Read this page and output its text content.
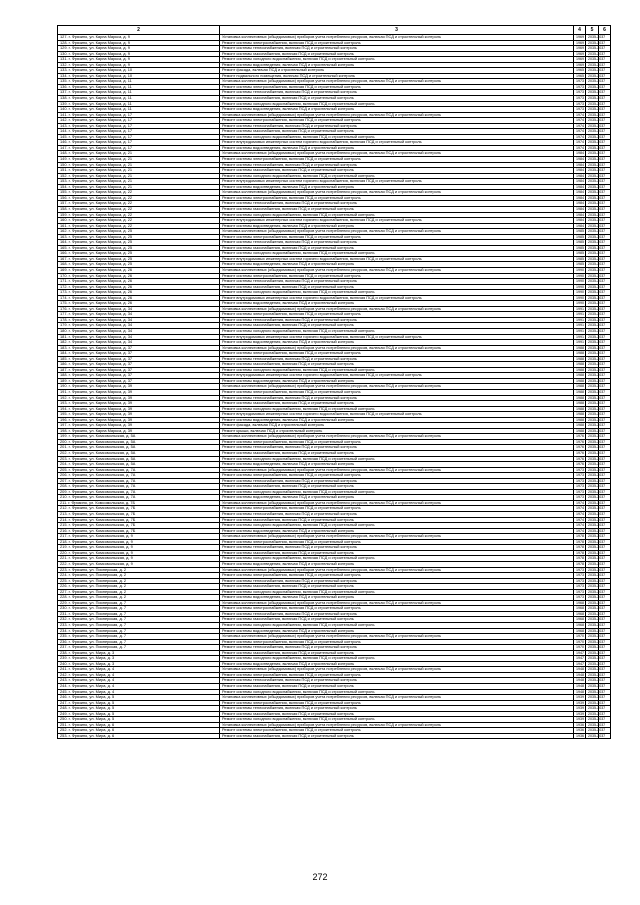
2	3	4	5	6
127. г. Фрязино, ул. Карла Маркса, д. 9	Установка коллективных (общедомовых) приборов учета потребления ресурсов, включая ПСД и строительный контроль	1969	2035-2037	
128. г. Фрязино, ул. Карла Маркса, д. 9	Ремонт системы электроснабжения, включая ПСД и строительный контроль	1969	2035-2037	
129. г. Фрязино, ул. Карла Маркса, д. 9	Ремонт системы теплоснабжения, включая ПСД и строительный контроль	1969	2035-2037	
130. г. Фрязино, ул. Карла Маркса, д. 9	Ремонт системы газоснабжения, включая ПСД и строительный контроль	1969	2035-2037	
131. г. Фрязино, ул. Карла Маркса, д. 9	Ремонт системы холодного водоснабжения, включая ПСД и строительный контроль	1969	2035-2037	
132. г. Фрязино, ул. Карла Маркса, д. 9	Ремонт системы водоотведения, включая ПСД и строительный контроль	1969	2035-2037	
133. г. Фрязино, ул. Карла Маркса, д. 10	Ремонт фасада, включая ПСД и строительный контроль	1965	2035-2037	
134. г. Фрязино, ул. Карла Маркса, д. 10	Ремонт подвального помещения, включая ПСД и строительный контроль	1965	2035-2037	
135. г. Фрязино, ул. Карла Маркса, д. 11	Установка коллективных (общедомовых) приборов учета потребления ресурсов, включая ПСД и строительный контроль	1973	2035-2037	
136. г. Фрязино, ул. Карла Маркса, д. 11	Ремонт системы электроснабжения, включая ПСД и строительный контроль	1973	2035-2037	
137. г. Фрязино, ул. Карла Маркса, д. 11	Ремонт системы теплоснабжения, включая ПСД и строительный контроль	1973	2035-2037	
138. г. Фрязино, ул. Карла Маркса, д. 11	Ремонт системы газоснабжения, включая ПСД и строительный контроль	1973	2035-2037	
139. г. Фрязино, ул. Карла Маркса, д. 11	Ремонт системы холодного водоснабжения, включая ПСД и строительный контроль	1973	2035-2037	
140. г. Фрязино, ул. Карла Маркса, д. 11	Ремонт системы водоотведения, включая ПСД и строительный контроль	1973	2035-2037	
141. г. Фрязино, ул. Карла Маркса, д. 17	Установка коллективных (общедомовых) приборов учета потребления ресурсов, включая ПСД и строительный контроль	1974	2035-2037	
142. г. Фрязино, ул. Карла Маркса, д. 17	Ремонт системы электроснабжения, включая ПСД и строительный контроль	1974	2035-2037	
143. г. Фрязино, ул. Карла Маркса, д. 17	Ремонт системы теплоснабжения, включая ПСД и строительный контроль	1974	2035-2037	
144. г. Фрязино, ул. Карла Маркса, д. 17	Ремонт системы газоснабжения, включая ПСД и строительный контроль	1974	2035-2037	
145. г. Фрязино, ул. Карла Маркса, д. 17	Ремонт системы холодного водоснабжения, включая ПСД и строительный контроль	1974	2035-2037	
146. г. Фрязино, ул. Карла Маркса, д. 17	Ремонт внутридомовых инженерных систем горячего водоснабжения, включая ПСД и строительный контроль	1974	2035-2037	
147. г. Фрязино, ул. Карла Маркса, д. 17	Ремонт системы водоотведения, включая ПСД и строительный контроль	1974	2035-2037	
148. г. Фрязино, ул. Карла Маркса, д. 21	Установка коллективных (общедомовых) приборов учета потребления ресурсов, включая ПСД и строительный контроль	1984	2035-2037	
149. г. Фрязино, ул. Карла Маркса, д. 21	Ремонт системы электроснабжения, включая ПСД и строительный контроль	1984	2035-2037	
150. г. Фрязино, ул. Карла Маркса, д. 21	Ремонт системы теплоснабжения, включая ПСД и строительный контроль	1984	2035-2037	
151. г. Фрязино, ул. Карла Маркса, д. 21	Ремонт системы газоснабжения, включая ПСД и строительный контроль	1984	2035-2037	
152. г. Фрязино, ул. Карла Маркса, д. 21	Ремонт системы холодного водоснабжения, включая ПСД и строительный контроль	1984	2035-2037	
153. г. Фрязино, ул. Карла Маркса, д. 21	Ремонт внутридомовых инженерных систем горячего водоснабжения, включая ПСД и строительный контроль	1984	2035-2037	
154. г. Фрязино, ул. Карла Маркса, д. 21	Ремонт системы водоотведения, включая ПСД и строительный контроль	1984	2035-2037	
155. г. Фрязино, ул. Карла Маркса, д. 22	Установка коллективных (общедомовых) приборов учета потребления ресурсов, включая ПСД и строительный контроль	1984	2035-2037	
156. г. Фрязино, ул. Карла Маркса, д. 22	Ремонт системы электроснабжения, включая ПСД и строительный контроль	1984	2035-2037	
157. г. Фрязино, ул. Карла Маркса, д. 22	Ремонт системы теплоснабжения, включая ПСД и строительный контроль	1984	2035-2037	
158. г. Фрязино, ул. Карла Маркса, д. 22	Ремонт системы газоснабжения, включая ПСД и строительный контроль	1984	2035-2037	
159. г. Фрязино, ул. Карла Маркса, д. 22	Ремонт системы холодного водоснабжения, включая ПСД и строительный контроль	1984	2035-2037	
160. г. Фрязино, ул. Карла Маркса, д. 22	Ремонт внутридомовых инженерных систем горячего водоснабжения, включая ПСД и строительный контроль	1984	2035-2037	
161. г. Фрязино, ул. Карла Маркса, д. 22	Ремонт системы водоотведения, включая ПСД и строительный контроль	1984	2035-2037	
162. г. Фрязино, ул. Карла Маркса, д. 25	Установка коллективных (общедомовых) приборов учета потребления ресурсов, включая ПСД и строительный контроль	1985	2035-2037	
163. г. Фрязино, ул. Карла Маркса, д. 25	Ремонт системы электроснабжения, включая ПСД и строительный контроль	1985	2035-2037	
164. г. Фрязино, ул. Карла Маркса, д. 25	Ремонт системы теплоснабжения, включая ПСД и строительный контроль	1985	2035-2037	
165. г. Фрязино, ул. Карла Маркса, д. 25	Ремонт системы газоснабжения, включая ПСД и строительный контроль	1985	2035-2037	
166. г. Фрязино, ул. Карла Маркса, д. 25	Ремонт системы холодного водоснабжения, включая ПСД и строительный контроль	1985	2035-2037	
167. г. Фрязино, ул. Карла Маркса, д. 25	Ремонт внутридомовых инженерных систем горячего водоснабжения, включая ПСД и строительный контроль	1985	2035-2037	
168. г. Фрязино, ул. Карла Маркса, д. 25	Ремонт системы водоотведения, включая ПСД и строительный контроль	1985	2035-2037	
169. г. Фрязино, ул. Карла Маркса, д. 26	Установка коллективных (общедомовых) приборов учета потребления ресурсов, включая ПСД и строительный контроль	1990	2035-2037	
170. г. Фрязино, ул. Карла Маркса, д. 26	Ремонт системы электроснабжения, включая ПСД и строительный контроль	1990	2035-2037	
171. г. Фрязино, ул. Карла Маркса, д. 26	Ремонт системы теплоснабжения, включая ПСД и строительный контроль	1990	2035-2037	
172. г. Фрязино, ул. Карла Маркса, д. 26	Ремонт системы газоснабжения, включая ПСД и строительный контроль	1990	2035-2037	
173. г. Фрязино, ул. Карла Маркса, д. 26	Ремонт системы холодного водоснабжения, включая ПСД и строительный контроль	1990	2035-2037	
174. г. Фрязино, ул. Карла Маркса, д. 26	Ремонт внутридомовых инженерных систем горячего водоснабжения, включая ПСД и строительный контроль	1990	2035-2037	
175. г. Фрязино, ул. Карла Маркса, д. 26	Ремонт системы водоотведения, включая ПСД и строительный контроль	1990	2035-2037	
176. г. Фрязино, ул. Карла Маркса, д. 34	Установка коллективных (общедомовых) приборов учета потребления ресурсов, включая ПСД и строительный контроль	1991	2035-2037	
177. г. Фрязино, ул. Карла Маркса, д. 34	Ремонт системы электроснабжения, включая ПСД и строительный контроль	1991	2035-2037	
178. г. Фрязино, ул. Карла Маркса, д. 34	Ремонт системы теплоснабжения, включая ПСД и строительный контроль	1991	2035-2037	
179. г. Фрязино, ул. Карла Маркса, д. 34	Ремонт системы газоснабжения, включая ПСД и строительный контроль	1991	2035-2037	
180. г. Фрязино, ул. Карла Маркса, д. 34	Ремонт системы холодного водоснабжения, включая ПСД и строительный контроль	1991	2035-2037	
181. г. Фрязино, ул. Карла Маркса, д. 34	Ремонт внутридомовых инженерных систем горячего водоснабжения, включая ПСД и строительный контроль	1991	2035-2037	
182. г. Фрязино, ул. Карла Маркса, д. 34	Ремонт системы водоотведения, включая ПСД и строительный контроль	1991	2035-2037	
183. г. Фрязино, ул. Карла Маркса, д. 37	Установка коллективных (общедомовых) приборов учета потребления ресурсов, включая ПСД и строительный контроль	1988	2035-2037	
184. г. Фрязино, ул. Карла Маркса, д. 37	Ремонт системы электроснабжения, включая ПСД и строительный контроль	1988	2035-2037	
185. г. Фрязино, ул. Карла Маркса, д. 37	Ремонт системы теплоснабжения, включая ПСД и строительный контроль	1988	2035-2037	
186. г. Фрязино, ул. Карла Маркса, д. 37	Ремонт системы газоснабжения, включая ПСД и строительный контроль	1988	2035-2037	
187. г. Фрязино, ул. Карла Маркса, д. 37	Ремонт системы холодного водоснабжения, включая ПСД и строительный контроль	1988	2035-2037	
188. г. Фрязино, ул. Карла Маркса, д. 37	Ремонт внутридомовых инженерных систем горячего водоснабжения, включая ПСД и строительный контроль	1988	2035-2037	
189. г. Фрязино, ул. Карла Маркса, д. 37	Ремонт системы водоотведения, включая ПСД и строительный контроль	1988	2035-2037	
190. г. Фрязино, ул. Карла Маркса, д. 39	Установка коллективных (общедомовых) приборов учета потребления ресурсов, включая ПСД и строительный контроль	1988	2035-2037	
191. г. Фрязино, ул. Карла Маркса, д. 39	Ремонт системы электроснабжения, включая ПСД и строительный контроль	1988	2035-2037	
192. г. Фрязино, ул. Карла Маркса, д. 39	Ремонт системы теплоснабжения, включая ПСД и строительный контроль	1988	2035-2037	
193. г. Фрязино, ул. Карла Маркса, д. 39	Ремонт системы газоснабжения, включая ПСД и строительный контроль	1988	2035-2037	
194. г. Фрязино, ул. Карла Маркса, д. 39	Ремонт системы холодного водоснабжения, включая ПСД и строительный контроль	1988	2035-2037	
195. г. Фрязино, ул. Карла Маркса, д. 39	Ремонт внутридомовых инженерных систем горячего водоснабжения, включая ПСД и строительный контроль	1988	2035-2037	
196. г. Фрязино, ул. Карла Маркса, д. 39	Ремонт системы водоотведения, включая ПСД и строительный контроль	1988	2035-2037	
197. г. Фрязино, ул. Карла Маркса, д. 39	Ремонт фасада, включая ПСД и строительный контроль	1988	2035-2037	
198. г. Фрязино, ул. Карла Маркса, д. 39	Ремонт крыши, включая ПСД и строительный контроль	1988	2035-2037	
199. г. Фрязино, ул. Комсомольская, д. 5А	Установка коллективных (общедомовых) приборов учета потребления ресурсов, включая ПСД и строительный контроль	1976	2035-2037	
200. г. Фрязино, ул. Комсомольская, д. 5А	Ремонт системы электроснабжения, включая ПСД и строительный контроль	1976	2035-2037	
201. г. Фрязино, ул. Комсомольская, д. 5А	Ремонт системы теплоснабжения, включая ПСД и строительный контроль	1976	2035-2037	
202. г. Фрязино, ул. Комсомольская, д. 5А	Ремонт системы газоснабжения, включая ПСД и строительный контроль	1976	2035-2037	
203. г. Фрязино, ул. Комсомольская, д. 5А	Ремонт системы холодного водоснабжения, включая ПСД и строительный контроль	1976	2035-2037	
204. г. Фрязино, ул. Комсомольская, д. 5А	Ремонт системы водоотведения, включая ПСД и строительный контроль	1976	2035-2037	
205. г. Фрязино, ул. Комсомольская, д. 7А	Установка коллективных (общедомовых) приборов учета потребления ресурсов, включая ПСД и строительный контроль	1973	2035-2037	
206. г. Фрязино, ул. Комсомольская, д. 7А	Ремонт системы электроснабжения, включая ПСД и строительный контроль	1973	2035-2037	
207. г. Фрязино, ул. Комсомольская, д. 7А	Ремонт системы теплоснабжения, включая ПСД и строительный контроль	1973	2035-2037	
208. г. Фрязино, ул. Комсомольская, д. 7А	Ремонт системы газоснабжения, включая ПСД и строительный контроль	1973	2035-2037	
209. г. Фрязино, ул. Комсомольская, д. 7А	Ремонт системы холодного водоснабжения, включая ПСД и строительный контроль	1973	2035-2037	
210. г. Фрязино, ул. Комсомольская, д. 7А	Ремонт системы водоотведения, включая ПСД и строительный контроль	1973	2035-2037	
211. г. Фрязино, ул. Комсомольская, д. 7Б	Установка коллективных (общедомовых) приборов учета потребления ресурсов, включая ПСД и строительный контроль	1974	2035-2037	
212. г. Фрязино, ул. Комсомольская, д. 7Б	Ремонт системы электроснабжения, включая ПСД и строительный контроль	1974	2035-2037	
213. г. Фрязино, ул. Комсомольская, д. 7Б	Ремонт системы теплоснабжения, включая ПСД и строительный контроль	1974	2035-2037	
214. г. Фрязино, ул. Комсомольская, д. 7Б	Ремонт системы газоснабжения, включая ПСД и строительный контроль	1974	2035-2037	
215. г. Фрязино, ул. Комсомольская, д. 7Б	Ремонт системы холодного водоснабжения, включая ПСД и строительный контроль	1974	2035-2037	
216. г. Фрязино, ул. Комсомольская, д. 7Б	Ремонт системы водоотведения, включая ПСД и строительный контроль	1974	2035-2037	
217. г. Фрязино, ул. Комсомольская, д. 9	Установка коллективных (общедомовых) приборов учета потребления ресурсов, включая ПСД и строительный контроль	1978	2035-2037	
218. г. Фрязино, ул. Комсомольская, д. 9	Ремонт системы электроснабжения, включая ПСД и строительный контроль	1978	2035-2037	
219. г. Фрязино, ул. Комсомольская, д. 9	Ремонт системы теплоснабжения, включая ПСД и строительный контроль	1978	2035-2037	
220. г. Фрязино, ул. Комсомольская, д. 9	Ремонт системы газоснабжения, включая ПСД и строительный контроль	1978	2035-2037	
221. г. Фрязино, ул. Комсомольская, д. 9	Ремонт системы холодного водоснабжения, включая ПСД и строительный контроль	1978	2035-2037	
222. г. Фрязино, ул. Комсомольская, д. 9	Ремонт системы водоотведения, включая ПСД и строительный контроль	1978	2035-2037	
223. г. Фрязино, ул. Пионерская, д. 2	Установка коллективных (общедомовых) приборов учета потребления ресурсов, включая ПСД и строительный контроль	1973	2035-2037	
224. г. Фрязино, ул. Пионерская, д. 2	Ремонт системы электроснабжения, включая ПСД и строительный контроль	1973	2035-2037	
225. г. Фрязино, ул. Пионерская, д. 2	Ремонт системы теплоснабжения, включая ПСД и строительный контроль	1973	2035-2037	
226. г. Фрязино, ул. Пионерская, д. 2	Ремонт системы газоснабжения, включая ПСД и строительный контроль	1973	2035-2037	
227. г. Фрязино, ул. Пионерская, д. 2	Ремонт системы холодного водоснабжения, включая ПСД и строительный контроль	1973	2035-2037	
228. г. Фрязино, ул. Пионерская, д. 2	Ремонт системы водоотведения, включая ПСД и строительный контроль	1973	2035-2037	
229. г. Фрязино, ул. Пионерская, д. 7	Установка коллективных (общедомовых) приборов учета потребления ресурсов, включая ПСД и строительный контроль	1968	2035-2037	
230. г. Фрязино, ул. Пионерская, д. 7	Ремонт системы электроснабжения, включая ПСД и строительный контроль	1968	2035-2037	
231. г. Фрязино, ул. Пионерская, д. 7	Ремонт системы теплоснабжения, включая ПСД и строительный контроль	1968	2035-2037	
232. г. Фрязино, ул. Пионерская, д. 7	Ремонт системы газоснабжения, включая ПСД и строительный контроль	1968	2035-2037	
233. г. Фрязино, ул. Пионерская, д. 7	Ремонт системы холодного водоснабжения, включая ПСД и строительный контроль	1968	2035-2037	
234. г. Фрязино, ул. Пионерская, д. 7	Ремонт системы водоотведения, включая ПСД и строительный контроль	1968	2035-2037	
235. г. Фрязино, ул. Пионерская, д. 7	Установка коллективных (общедомовых) приборов учета потребления ресурсов, включая ПСД и строительный контроль	1970	2035-2037	
236. г. Фрязино, ул. Пионерская, д. 7	Ремонт системы электроснабжения, включая ПСД и строительный контроль	1970	2035-2037	
237. г. Фрязино, ул. Пионерская, д. 7	Ремонт системы теплоснабжения, включая ПСД и строительный контроль	1970	2035-2037	
238. г. Фрязино, ул. Мира, д. 3	Ремонт системы газоснабжения, включая ПСД и строительный контроль	1947	2035-2037	
239. г. Фрязино, ул. Мира, д. 3	Ремонт системы холодного водоснабжения, включая ПСД и строительный контроль	1947	2035-2037	
240. г. Фрязино, ул. Мира, д. 3	Ремонт системы водоотведения, включая ПСД и строительный контроль	1947	2035-2037	
241. г. Фрязино, ул. Мира, д. 4	Установка коллективных (общедомовых) приборов учета потребления ресурсов, включая ПСД и строительный контроль	1948	2035-2037	
242. г. Фрязино, ул. Мира, д. 4	Ремонт системы электроснабжения, включая ПСД и строительный контроль	1948	2035-2037	
243. г. Фрязино, ул. Мира, д. 4	Ремонт системы теплоснабжения, включая ПСД и строительный контроль	1948	2035-2037	
244. г. Фрязино, ул. Мира, д. 4	Ремонт системы газоснабжения, включая ПСД и строительный контроль	1948	2035-2037	
245. г. Фрязино, ул. Мира, д. 4	Ремонт системы холодного водоснабжения, включая ПСД и строительный контроль	1948	2035-2037	
246. г. Фрязино, ул. Мира, д. 5	Установка коллективных (общедомовых) приборов учета потребления ресурсов, включая ПСД и строительный контроль	1939	2035-2037	
247. г. Фрязино, ул. Мира, д. 5	Ремонт системы электроснабжения, включая ПСД и строительный контроль	1939	2035-2037	
248. г. Фрязино, ул. Мира, д. 5	Ремонт системы теплоснабжения, включая ПСД и строительный контроль	1939	2035-2037	
249. г. Фрязино, ул. Мира, д. 5	Ремонт системы газоснабжения, включая ПСД и строительный контроль	1939	2035-2037	
250. г. Фрязино, ул. Мира, д. 5	Ремонт системы холодного водоснабжения, включая ПСД и строительный контроль	1939	2035-2037	
251. г. Фрязино, ул. Мира, д. 6	Установка коллективных (общедомовых) приборов учета потребления ресурсов, включая ПСД и строительный контроль	1936	2035-2037	
252. г. Фрязино, ул. Мира, д. 6	Ремонт системы электроснабжения, включая ПСД и строительный контроль	1936	2035-2037	
253. г. Фрязино, ул. Мира, д. 6	Ремонт системы газоснабжения, включая ПСД и строительный контроль	1936	2035-2037	
272
